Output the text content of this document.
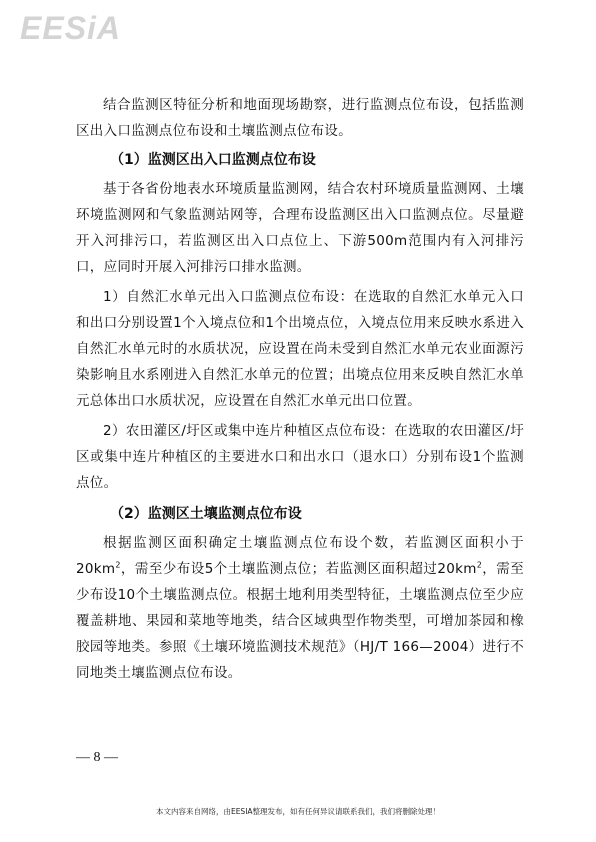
EESiA

结合监测区特征分析和地面现场勘察，进行监测点位布设，包括监测区出入口监测点位布设和土壤监测点位布设。

（1）监测区出入口监测点位布设

基于各省份地表水环境质量监测网，结合农村环境质量监测网、土壤环境监测网和气象监测站网等，合理布设监测区出入口监测点位。尽量避开入河排污口，若监测区出入口点位上、下游500m范围内有入河排污口，应同时开展入河排污口排水监测。

1）自然汇水单元出入口监测点位布设：在选取的自然汇水单元入口和出口分别设置1个入境点位和1个出境点位，入境点位用来反映水系进入自然汇水单元时的水质状况，应设置在尚未受到自然汇水单元农业面源污染影响且水系刚进入自然汇水单元的位置；出境点位用来反映自然汇水单元总体出口水质状况，应设置在自然汇水单元出口位置。

2）农田灌区/圩区或集中连片种植区点位布设：在选取的农田灌区/圩区或集中连片种植区的主要进水口和出水口（退水口）分别布设1个监测点位。

（2）监测区土壤监测点位布设

根据监测区面积确定土壤监测点位布设个数，若监测区面积小于$20km^2$，需至少布设5个土壤监测点位；若监测区面积超过$20km^2$，需至少布设10个土壤监测点位。根据土地利用类型特征，土壤监测点位至少应覆盖耕地、果园和菜地等地类，结合区域典型作物类型，可增加茶园和橡胶园等地类。参照《土壤环境监测技术规范》（HJ/T 166—2004）进行不同地类土壤监测点位布设。

— 8 —
本文内容来自网络，由EESIA整理发布，如有任何异议请联系我们，我们将删除处理！
